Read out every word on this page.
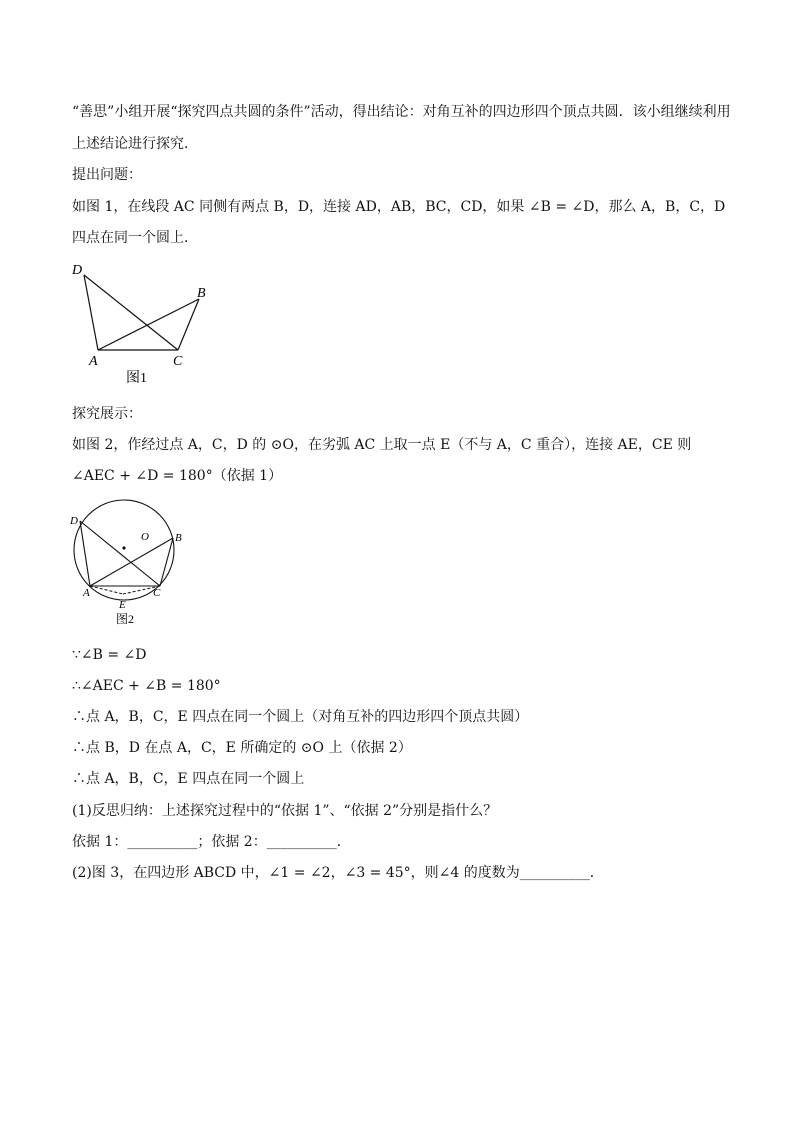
“善思”小组开展“探究四点共圆的条件”活动，得出结论：对角互补的四边形四个顶点共圆．该小组继续利用
上述结论进行探究．
提出问题：
如图 1，在线段 AC 同侧有两点 B，D，连接 AD，AB，BC，CD，如果 ∠B = ∠D，那么 A，B，C，D
四点在同一个圆上．
D
B
A	C
图1
探究展示：
如图 2，作经过点 A，C，D 的 ⊙O，在劣弧 AC 上取一点 E（不与 A，C 重合），连接 AE，CE 则
∠AEC + ∠D = 180°（依据 1）
D
O B
A	C
E
图2
∵∠B = ∠D
∴∠AEC + ∠B = 180°
∴点 A，B，C，E 四点在同一个圆上（对角互补的四边形四个顶点共圆）
∴点 B，D 在点 A，C，E 所确定的 ⊙O 上（依据 2）
∴点 A，B，C，E 四点在同一个圆上
(1)反思归纳：上述探究过程中的“依据 1”、“依据 2”分别是指什么？
依据 1：__________；依据 2：__________．
(2)图 3，在四边形 ABCD 中，∠1 = ∠2，∠3 = 45°，则∠4 的度数为__________．
